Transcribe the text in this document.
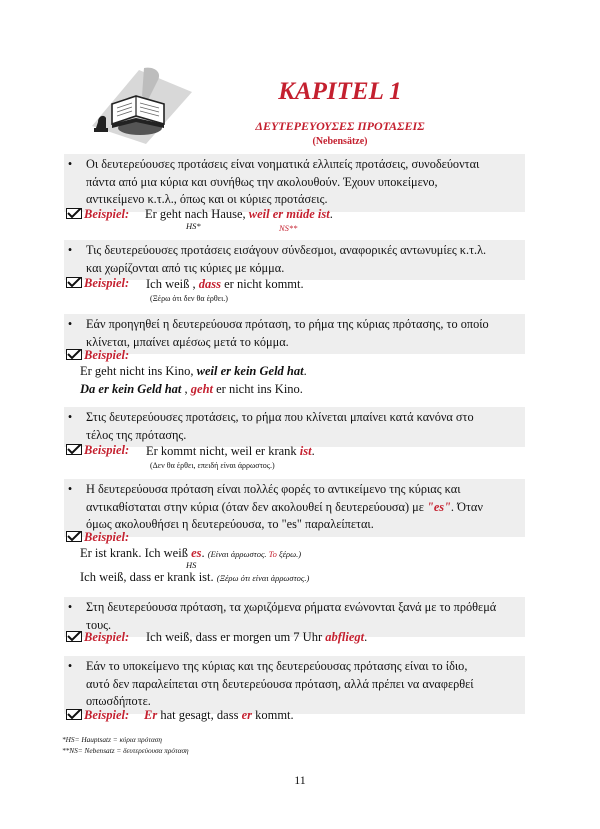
KAPITEL 1
ΔΕΥΤΕΡΕΥΟΥΣΕΣ ΠΡΟΤΑΣΕΙΣ
(Nebensätze)
•	Οι δευτερεύουσες προτάσεις είναι νοηματικά ελλιπείς προτάσεις, συνοδεύονται
πάντα από μια κύρια και συνήθως την ακολουθούν. Έχουν υποκείμενο,
αντικείμενο κ.τ.λ., όπως και οι κύριες προτάσεις.
Beispiel: Er geht nach Hause, weil er müde ist.
HS*	NS**
•	Τις δευτερεύουσες προτάσεις εισάγουν σύνδεσμοι, αναφορικές αντωνυμίες κ.τ.λ.
και χωρίζονται από τις κύριες με κόμμα.
Beispiel: Ich weiß , dass er nicht kommt.
(Ξέρω ότι δεν θα έρθει.)
•	Εάν προηγηθεί η δευτερεύουσα πρόταση, το ρήμα της κύριας πρότασης, το οποίο
κλίνεται, μπαίνει αμέσως μετά το κόμμα.
Beispiel:
Er geht nicht ins Kino, weil er kein Geld hat.
Da er kein Geld hat , geht er nicht ins Kino.
•	Στις δευτερεύουσες προτάσεις, το ρήμα που κλίνεται μπαίνει κατά κανόνα στο
τέλος της πρότασης.
Beispiel: Er kommt nicht, weil er krank ist.
(Δεν θα έρθει, επειδή είναι άρρωστος.)
•	Η δευτερεύουσα πρόταση είναι πολλές φορές το αντικείμενο της κύριας και
αντικαθίσταται στην κύρια (όταν δεν ακολουθεί η δευτερεύουσα) με "es". Όταν
όμως ακολουθήσει η δευτερεύουσα, το "es" παραλείπεται.
Beispiel:
Er ist krank. Ich weiß es. (Είναι άρρωστος. Το ξέρω.)
HS
Ich weiß, dass er krank ist. (Ξέρω ότι είναι άρρωστος.)
•	Στη δευτερεύουσα πρόταση, τα χωριζόμενα ρήματα ενώνονται ξανά με το πρόθεμά
τους.
Beispiel: Ich weiß, dass er morgen um 7 Uhr abfliegt.
•	Εάν το υποκείμενο της κύριας και της δευτερεύουσας πρότασης είναι το ίδιο,
αυτό δεν παραλείπεται στη δευτερεύουσα πρόταση, αλλά πρέπει να αναφερθεί
οπωσδήποτε.
Beispiel: Er hat gesagt, dass er kommt.
*HS= Hauptsatz = κύρια πρόταση
**NS= Nebensatz = δευτερεύουσα πρόταση
11
